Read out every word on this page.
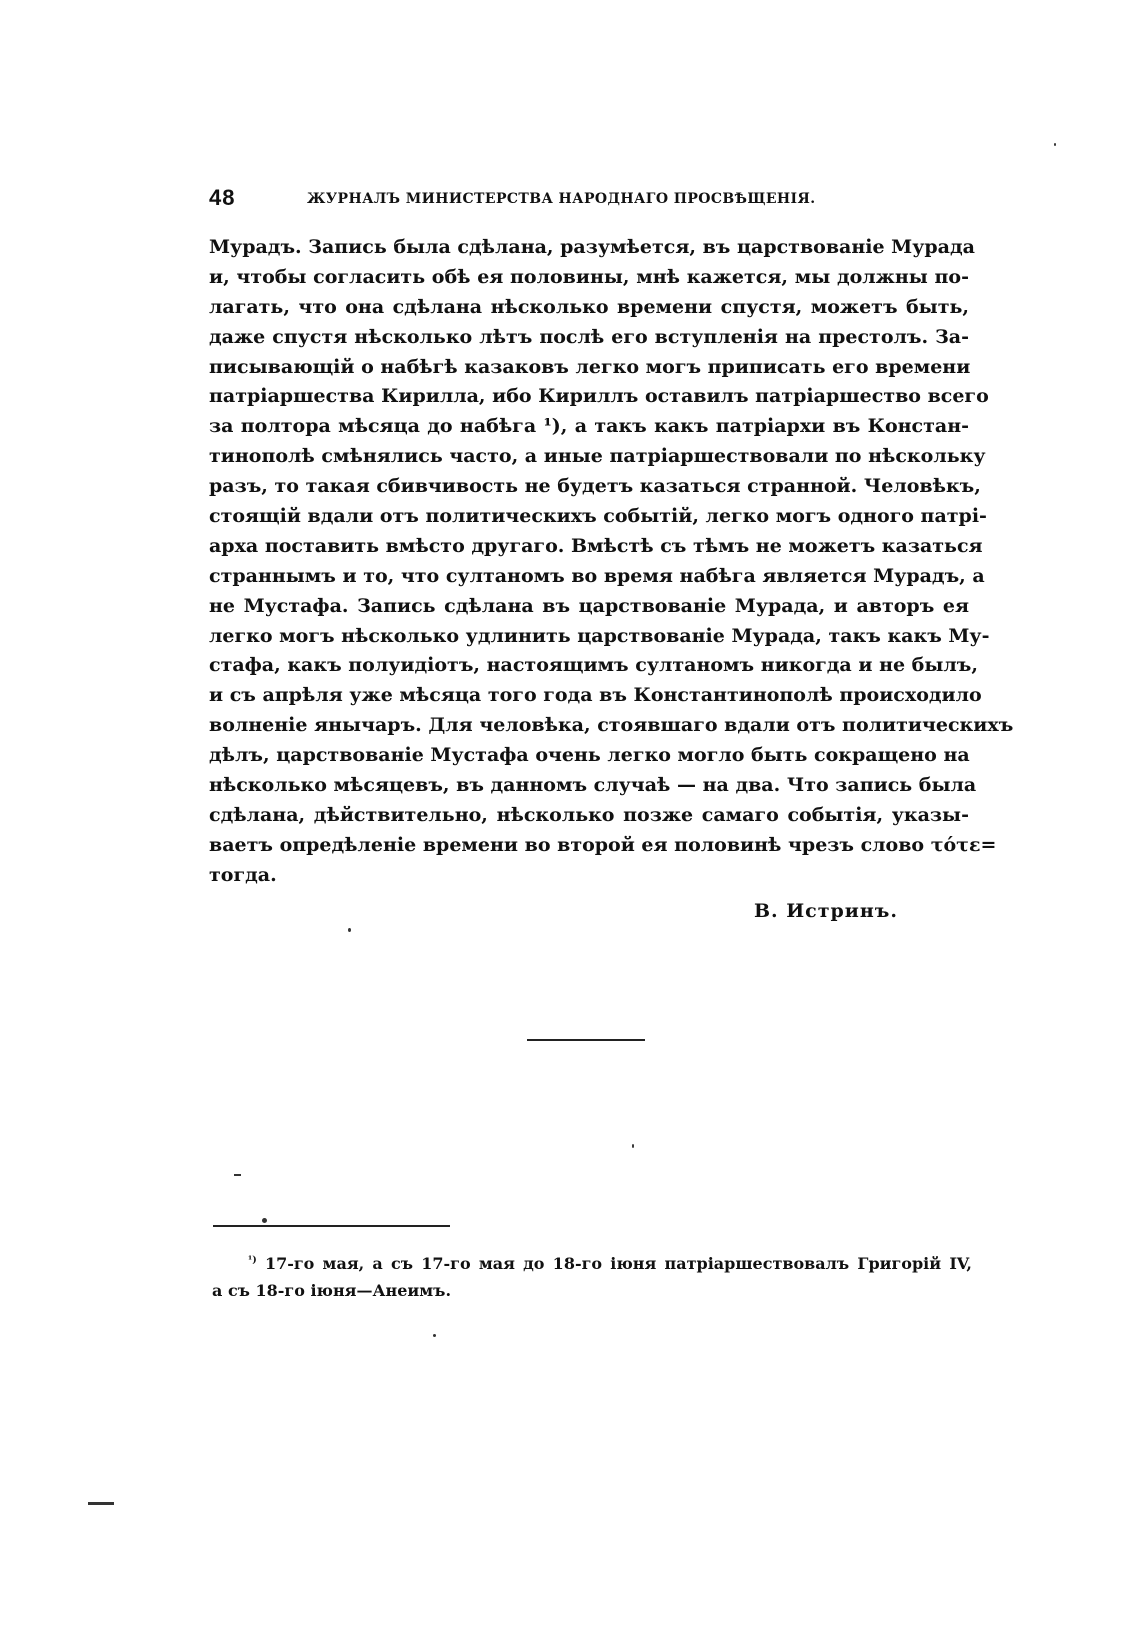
48	ЖУРНАЛЪ МИНИСТЕРСТВА НАРОДНАГО ПРОСВѢЩЕНІЯ.
Мурадъ. Запись была сдѣлана, разумѣется, въ царствованіе Мурада
и, чтобы согласить обѣ ея половины, мнѣ кажется, мы должны по-
лагать, что она сдѣлана нѣсколько времени спустя, можетъ быть,
даже спустя нѣсколько лѣтъ послѣ его вступленія на престолъ. За-
писывающій о набѣгѣ казаковъ легко могъ приписать его времени
патріаршества Кирилла, ибо Кириллъ оставилъ патріаршество всего
за полтора мѣсяца до набѣга ¹), а такъ какъ патріархи въ Констан-
тинополѣ смѣнялись часто, а иные патріаршествовали по нѣскольку
разъ, то такая сбивчивость не будетъ казаться странной. Человѣкъ,
стоящій вдали отъ политическихъ событій, легко могъ одного патрі-
арха поставить вмѣсто другаго. Вмѣстѣ съ тѣмъ не можетъ казаться
страннымъ и то, что султаномъ во время набѣга является Мурадъ, а
не Мустафа. Запись сдѣлана въ царствованіе Мурада, и авторъ ея
легко могъ нѣсколько удлинить царствованіе Мурада, такъ какъ Му-
стафа, какъ полуидіотъ, настоящимъ султаномъ никогда и не былъ,
и съ апрѣля уже мѣсяца того года въ Константинополѣ происходило
волненіе янычаръ. Для человѣка, стоявшаго вдали отъ политическихъ
дѣлъ, царствованіе Мустафа очень легко могло быть сокращено на
нѣсколько мѣсяцевъ, въ данномъ случаѣ — на два. Что запись была
сдѣлана, дѣйствительно, нѣсколько позже самаго событія, указы-
ваетъ опредѣленіе времени во второй ея половинѣ чрезъ слово τότε=
тогда.
В. Истринъ.
$^{^1)}$ 17-го мая, а съ 17-го мая до 18-го іюня патріаршествовалъ Григорій IV,
а съ 18-го іюня—Анеимъ.
